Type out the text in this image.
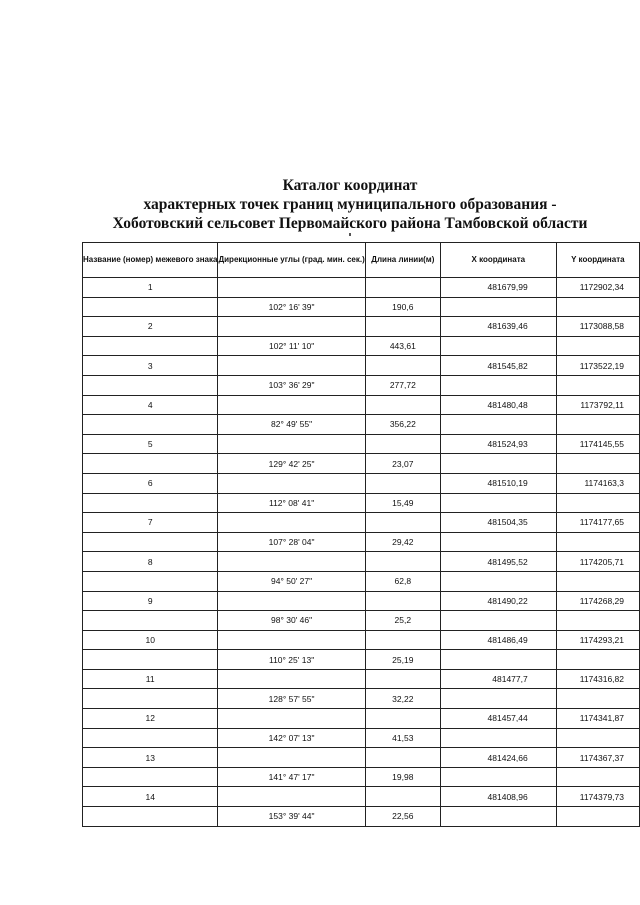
Каталог координат
характерных точек границ муниципального образования -
Хоботовский сельсовет Первомайского района Тамбовской области
Название (номер) межевого знака	Дирекционные углы (град. мин. сек.)	Длина линии(м)	X координата	Y координата
1			481679,99	1172902,34
	102° 16' 39"	190,6		
2			481639,46	1173088,58
	102° 11' 10"	443,61		
3			481545,82	1173522,19
	103° 36' 29"	277,72		
4			481480,48	1173792,11
	82° 49' 55"	356,22		
5			481524,93	1174145,55
	129° 42' 25"	23,07		
6			481510,19	1174163,3
	112° 08' 41"	15,49		
7			481504,35	1174177,65
	107° 28' 04"	29,42		
8			481495,52	1174205,71
	94° 50' 27"	62,8		
9			481490,22	1174268,29
	98° 30' 46"	25,2		
10			481486,49	1174293,21
	110° 25' 13"	25,19		
11			481477,7	1174316,82
	128° 57' 55"	32,22		
12			481457,44	1174341,87
	142° 07' 13"	41,53		
13			481424,66	1174367,37
	141° 47' 17"	19,98		
14			481408,96	1174379,73
	153° 39' 44"	22,56		
